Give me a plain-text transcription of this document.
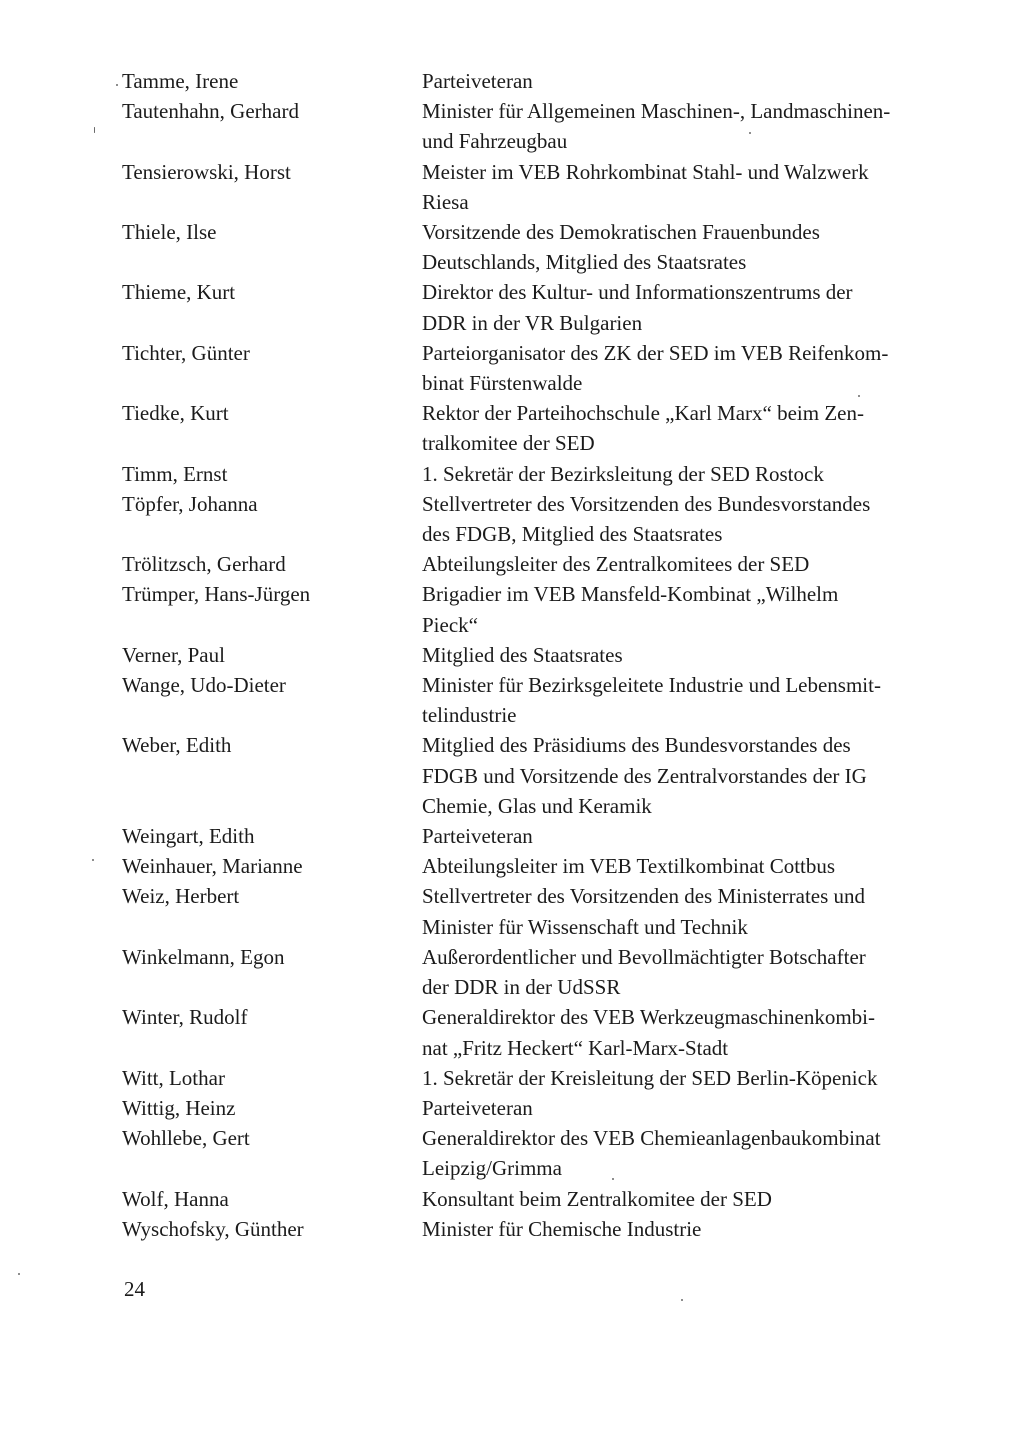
Tamme, Irene	Parteiveteran
Tautenhahn, Gerhard	Minister für Allgemeinen Maschinen-, Landmaschinen-
und Fahrzeugbau
Tensierowski, Horst	Meister im VEB Rohrkombinat Stahl- und Walzwerk
Riesa
Thiele, Ilse	Vorsitzende des Demokratischen Frauenbundes
Deutschlands, Mitglied des Staatsrates
Thieme, Kurt	Direktor des Kultur- und Informationszentrums der
DDR in der VR Bulgarien
Tichter, Günter	Parteiorganisator des ZK der SED im VEB Reifenkom-
binat Fürstenwalde
Tiedke, Kurt	Rektor der Parteihochschule „Karl Marx“ beim Zen-
tralkomitee der SED
Timm, Ernst	1. Sekretär der Bezirksleitung der SED Rostock
Töpfer, Johanna	Stellvertreter des Vorsitzenden des Bundesvorstandes
des FDGB, Mitglied des Staatsrates
Trölitzsch, Gerhard	Abteilungsleiter des Zentralkomitees der SED
Trümper, Hans-Jürgen	Brigadier im VEB Mansfeld-Kombinat „Wilhelm
Pieck“
Verner, Paul	Mitglied des Staatsrates
Wange, Udo-Dieter	Minister für Bezirksgeleitete Industrie und Lebensmit-
telindustrie
Weber, Edith	Mitglied des Präsidiums des Bundesvorstandes des
FDGB und Vorsitzende des Zentralvorstandes der IG
Chemie, Glas und Keramik
Weingart, Edith	Parteiveteran
Weinhauer, Marianne	Abteilungsleiter im VEB Textilkombinat Cottbus
Weiz, Herbert	Stellvertreter des Vorsitzenden des Ministerrates und
Minister für Wissenschaft und Technik
Winkelmann, Egon	Außerordentlicher und Bevollmächtigter Botschafter
der DDR in der UdSSR
Winter, Rudolf	Generaldirektor des VEB Werkzeugmaschinenkombi-
nat „Fritz Heckert“ Karl-Marx-Stadt
Witt, Lothar	1. Sekretär der Kreisleitung der SED Berlin-Köpenick
Wittig, Heinz	Parteiveteran
Wohllebe, Gert	Generaldirektor des VEB Chemieanlagenbaukombinat
Leipzig/Grimma
Wolf, Hanna	Konsultant beim Zentralkomitee der SED
Wyschofsky, Günther	Minister für Chemische Industrie
24
